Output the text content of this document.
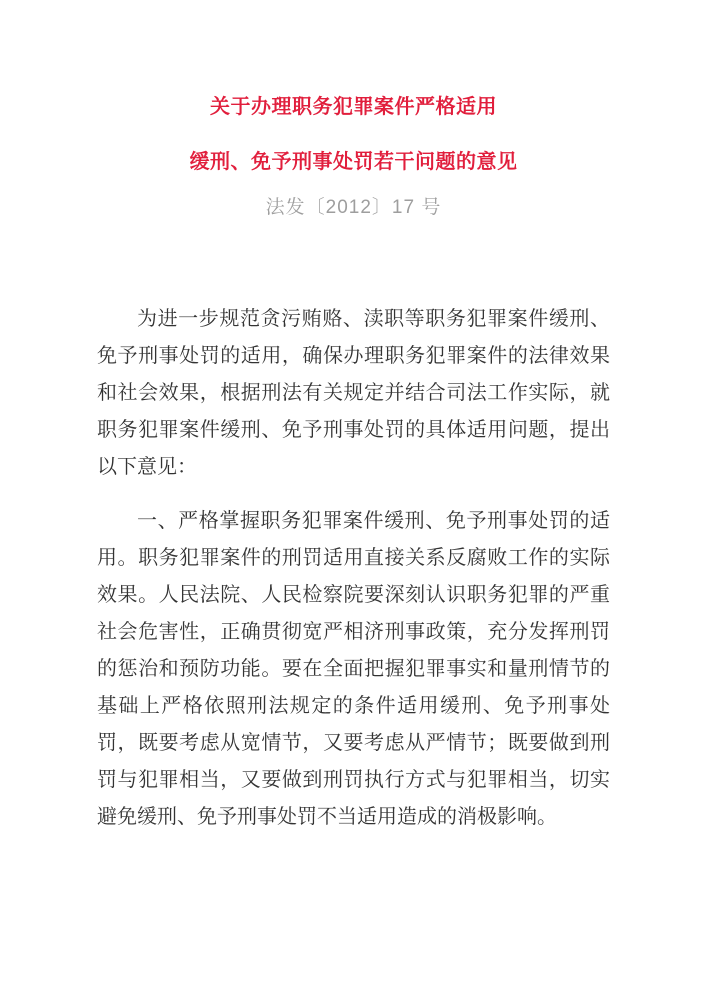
关于办理职务犯罪案件严格适用
缓刑、免予刑事处罚若干问题的意见
法发〔2012〕17 号

为进一步规范贪污贿赂、渎职等职务犯罪案件缓刑、免予刑事处罚的适用，确保办理职务犯罪案件的法律效果和社会效果，根据刑法有关规定并结合司法工作实际，就职务犯罪案件缓刑、免予刑事处罚的具体适用问题，提出以下意见：

一、严格掌握职务犯罪案件缓刑、免予刑事处罚的适用。职务犯罪案件的刑罚适用直接关系反腐败工作的实际效果。人民法院、人民检察院要深刻认识职务犯罪的严重社会危害性，正确贯彻宽严相济刑事政策，充分发挥刑罚的惩治和预防功能。要在全面把握犯罪事实和量刑情节的基础上严格依照刑法规定的条件适用缓刑、免予刑事处罚，既要考虑从宽情节，又要考虑从严情节；既要做到刑罚与犯罪相当，又要做到刑罚执行方式与犯罪相当，切实避免缓刑、免予刑事处罚不当适用造成的消极影响。
